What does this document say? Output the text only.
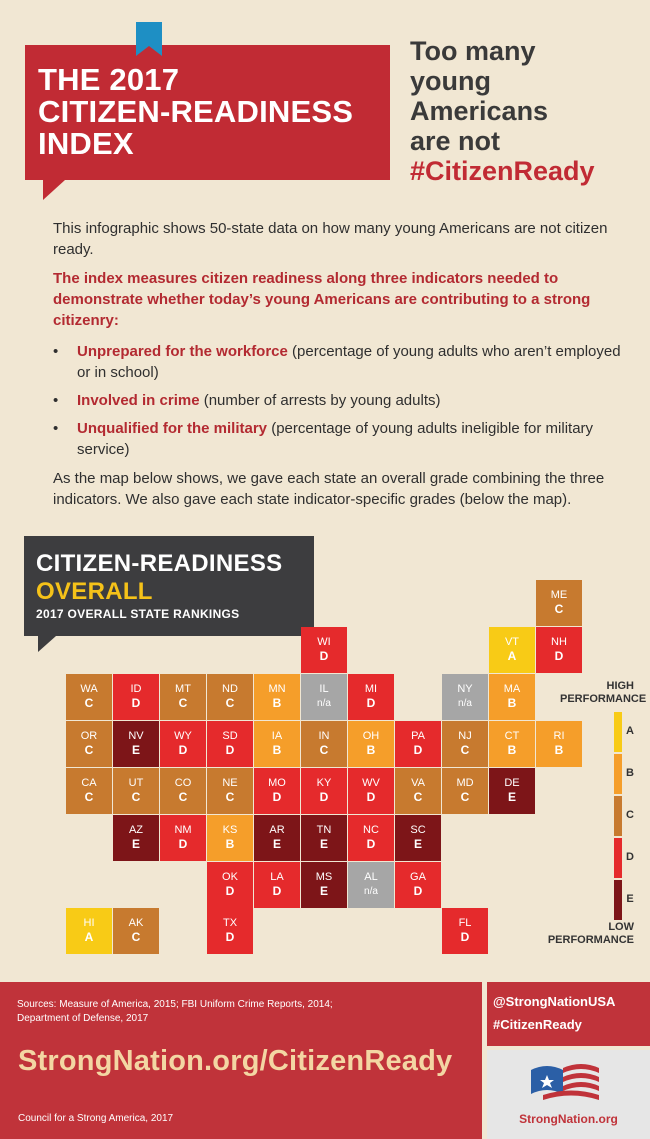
THE 2017
CITIZEN-READINESS
INDEX
Too many
young
Americans
are not
#CitizenReady

This infographic shows 50-state data on how many young Americans are not citizen ready.

The index measures citizen readiness along three indicators needed to demonstrate whether today’s young Americans are contributing to a strong citizenry:

• Unprepared for the workforce (percentage of young adults who aren’t employed or in school)
• Involved in crime (number of arrests by young adults)
• Unqualified for the military (percentage of young adults ineligible for military service)

As the map below shows, we gave each state an overall grade combining the three indicators. We also gave each state indicator-specific grades (below the map).

CITIZEN-READINESS
OVERALL
2017 OVERALL STATE RANKINGS
ME
C
WI
D
VT
A
NH
D
WA
C
ID
D
MT
C
ND
C
MN
B
IL
n/a
MI
D
NY
n/a
MA
B
OR
C
NV
E
WY
D
SD
D
IA
B
IN
C
OH
B
PA
D
NJ
C
CT
B
RI
B
CA
C
UT
C
CO
C
NE
C
MO
D
KY
D
WV
D
VA
C
MD
C
DE
E
AZ
E
NM
D
KS
B
AR
E
TN
E
NC
D
SC
E
OK
D
LA
D
MS
E
AL
n/a
GA
D
HI
A
AK
C
TX
D
FL
D
HIGH
PERFORMANCE
A
B
C
D
E
LOW
PERFORMANCE
Sources: Measure of America, 2015; FBI Uniform Crime Reports, 2014;
Department of Defense, 2017
StrongNation.org/CitizenReady
Council for a Strong America, 2017
@StrongNationUSA
#CitizenReady
StrongNation.org
